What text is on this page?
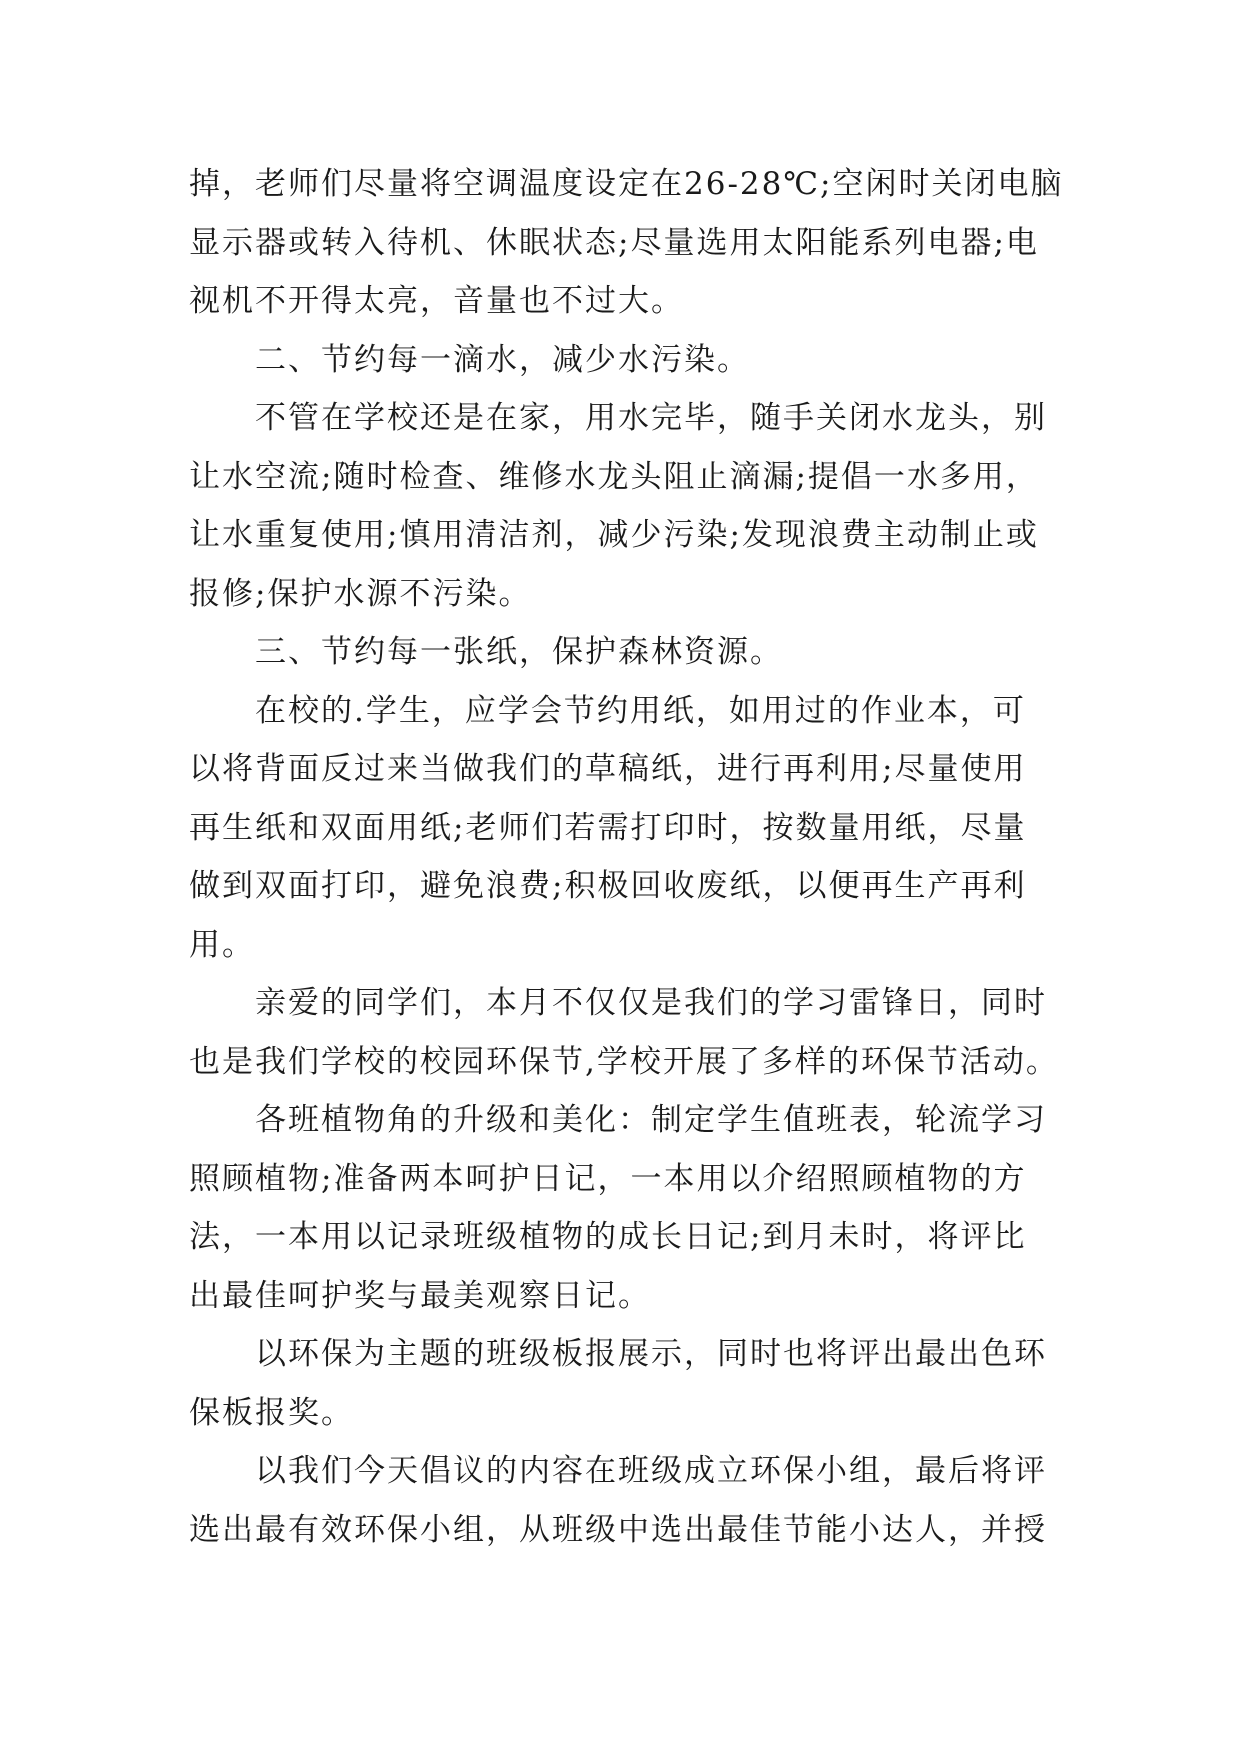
掉，老师们尽量将空调温度设定在26-28℃;空闲时关闭电脑
显示器或转入待机、休眠状态;尽量选用太阳能系列电器;电
视机不开得太亮，音量也不过大。
二、节约每一滴水，减少水污染。
不管在学校还是在家，用水完毕，随手关闭水龙头，别
让水空流;随时检查、维修水龙头阻止滴漏;提倡一水多用，
让水重复使用;慎用清洁剂，减少污染;发现浪费主动制止或
报修;保护水源不污染。
三、节约每一张纸，保护森林资源。
在校的.学生，应学会节约用纸，如用过的作业本，可
以将背面反过来当做我们的草稿纸，进行再利用;尽量使用
再生纸和双面用纸;老师们若需打印时，按数量用纸，尽量
做到双面打印，避免浪费;积极回收废纸，以便再生产再利
用。
亲爱的同学们，本月不仅仅是我们的学习雷锋日，同时
也是我们学校的校园环保节,学校开展了多样的环保节活动。
各班植物角的升级和美化：制定学生值班表，轮流学习
照顾植物;准备两本呵护日记，一本用以介绍照顾植物的方
法，一本用以记录班级植物的成长日记;到月未时，将评比
出最佳呵护奖与最美观察日记。
以环保为主题的班级板报展示，同时也将评出最出色环
保板报奖。
以我们今天倡议的内容在班级成立环保小组，最后将评
选出最有效环保小组，从班级中选出最佳节能小达人，并授
